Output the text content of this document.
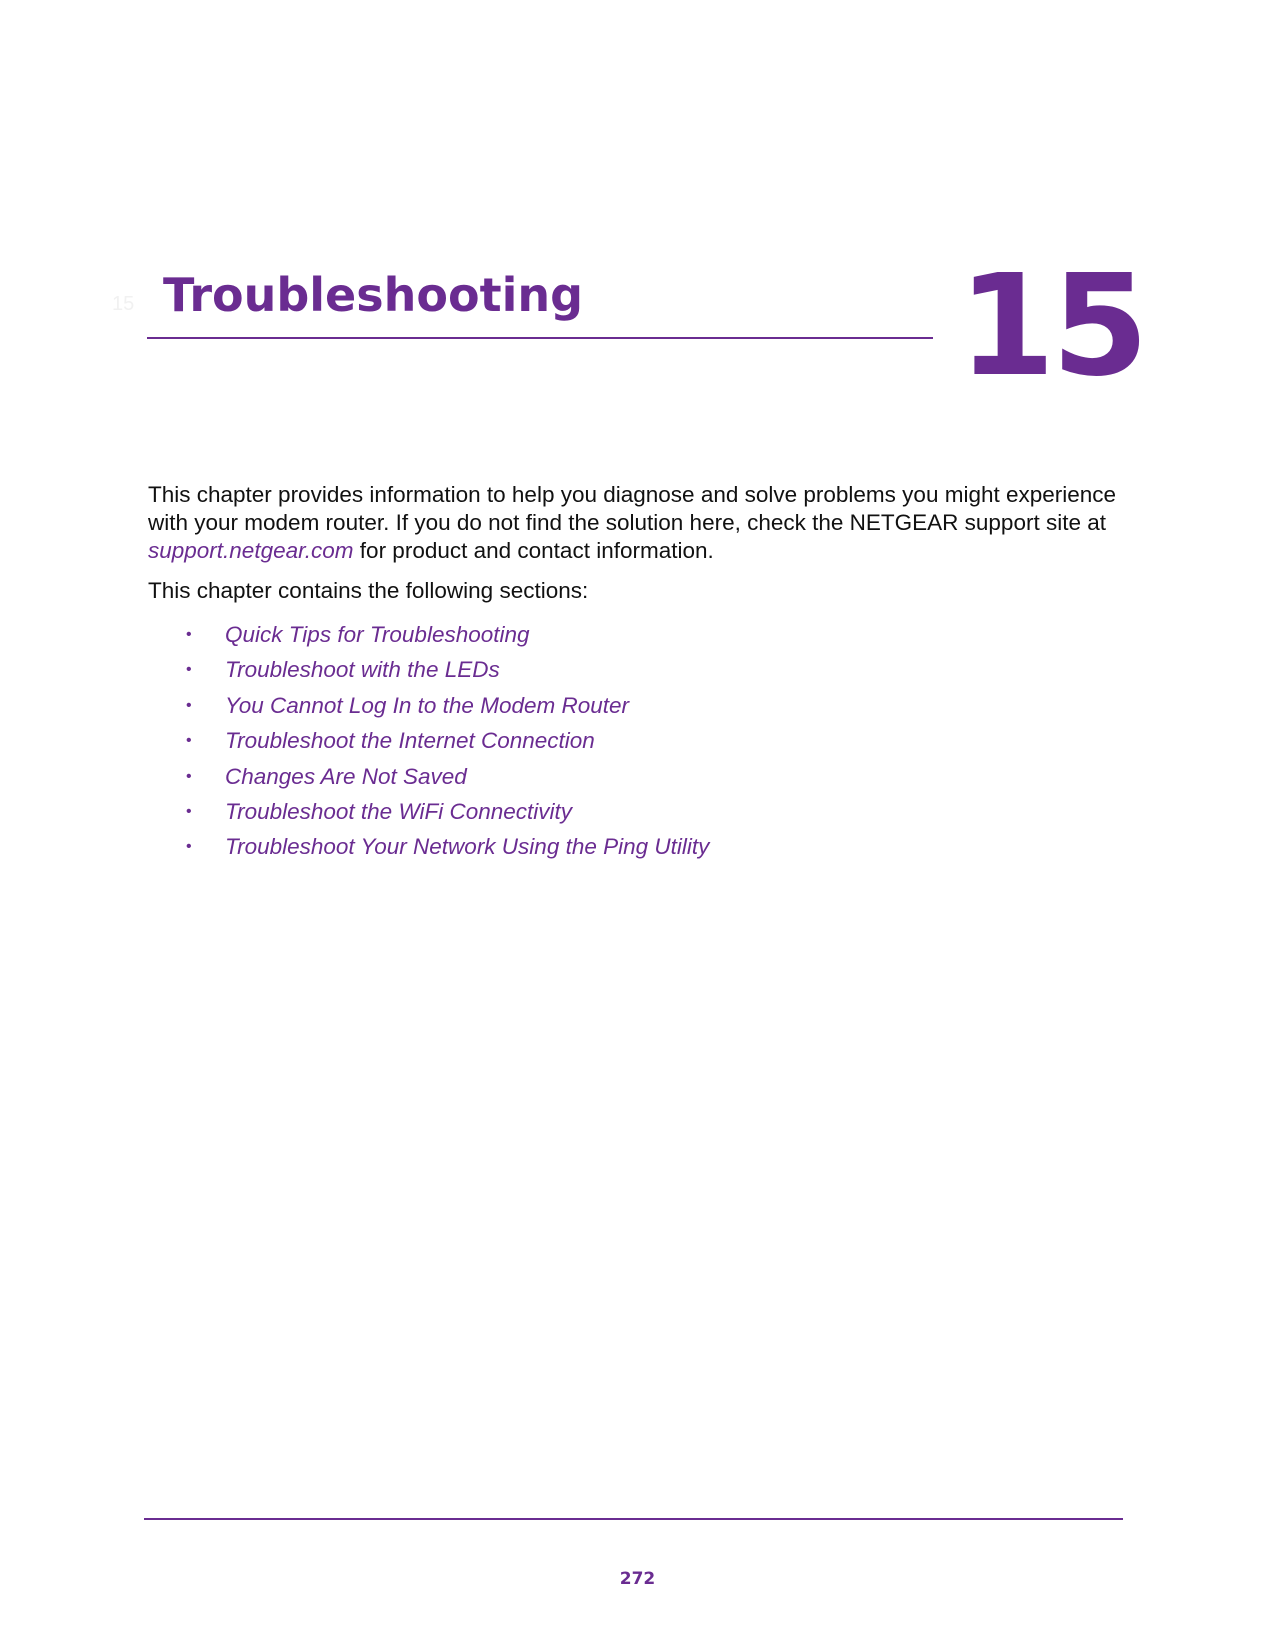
15 Troubleshooting	15

This chapter provides information to help you diagnose and solve problems you might experience with your modem router. If you do not find the solution here, check the NETGEAR support site at support.netgear.com for product and contact information.

This chapter contains the following sections:

• Quick Tips for Troubleshooting
• Troubleshoot with the LEDs
• You Cannot Log In to the Modem Router
• Troubleshoot the Internet Connection
• Changes Are Not Saved
• Troubleshoot the WiFi Connectivity
• Troubleshoot Your Network Using the Ping Utility
272
